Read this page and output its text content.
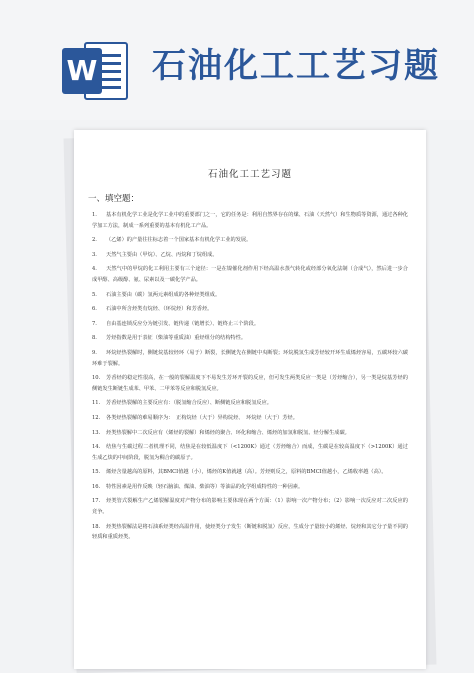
W 石油化工工艺习题
石油化工工艺习题
一、填空题：
1. 基本有机化学工业是化学工业中的重要部门之一，它的任务是：利用自然界存在的煤、石油（天然气）和生物质等资源，通过各种化学加工方法，制成一系列重要的基本有机化工产品。
2. （乙烯）的产量往往标志着一个国家基本有机化学工业的发展。
3. 天然气主要由（甲烷）、乙烷、丙烷和丁烷组成。
4. 天然气中的甲烷的化工利用主要有三个途径：一是在镍催化剂作用下经高温水蒸气转化或经部分氧化法制（合成气），然后进一步合成甲醇、高级醇、氨、尿素以及一碳化学产品。
5. 石油主要由（碳）氢两元素组成的各种烃类组成。
6. 石油中所含烃类有烷烃、（环烷烃）和芳香烃。
7. 自由基连锁反应分为链引发、链传递（链增长）、链终止三个阶段。
8. 芳烃指数是用于表征（柴油等重质油）重烃组分的结构特性。
9. 环烷烃热裂解时，侧链烷基较烃环（易于）断裂，长侧链先在侧链中央断裂；环烷脱氢生成芳烃较开环生成烯烃容易，五碳环较六碳环难于裂解。
10. 芳香烃的稳定性很高，在一般的裂解温度下不易发生芳环开裂的反应，但可发生两类反应一类是（芳烃缩合），另一类是烷基芳烃的侧链发生断链生成苯、甲苯、二甲苯等反应和脱氢反应。
11. 芳香烃热裂解的主要反应有：（脱氢缩合反应）、断侧链反应和脱氢反应。
12. 各类烃热裂解的难易顺序为：　正构烷烃（大于）异构烷烃、　环烷烃（大于）芳烃。
13. 烃类热裂解中二次反应有（烯烃的裂解）和烯烃的聚合、环化和缩合、烯烃的加氢和脱氢、烃分解生成碳。
14. 结焦与生碳过程二者机理不同，结焦是在较低温度下（<1200K）通过（芳烃缩合）而成，生碳是在较高温度下（>1200K）通过生成乙炔的中间阶段，脱氢为稠合的碳原子。
15. 烯烃含量越高的原料，其BMCI值越（小），烯烃的K值就越（高）。芳烃则反之，原料的BMCI值越小，乙烯收率越（高）。
16. 特性因素是用作反映（轻石脑油、煤油、柴油等）等油品的化学组成特性的一种因素。
17. 烃类管式裂解生产乙烯裂解温度对产物分布的影响主要体现在两个方面：（1）影响一次产物分布；（2）影响一次反应对二次反应的竞争。
18. 烃类热裂解法是将石油系烃类经高温作用，使烃类分子发生（断链和脱氢）反应，生成分子量较小的烯烃、烷烃和其它分子量不同的轻质和重质烃类。
